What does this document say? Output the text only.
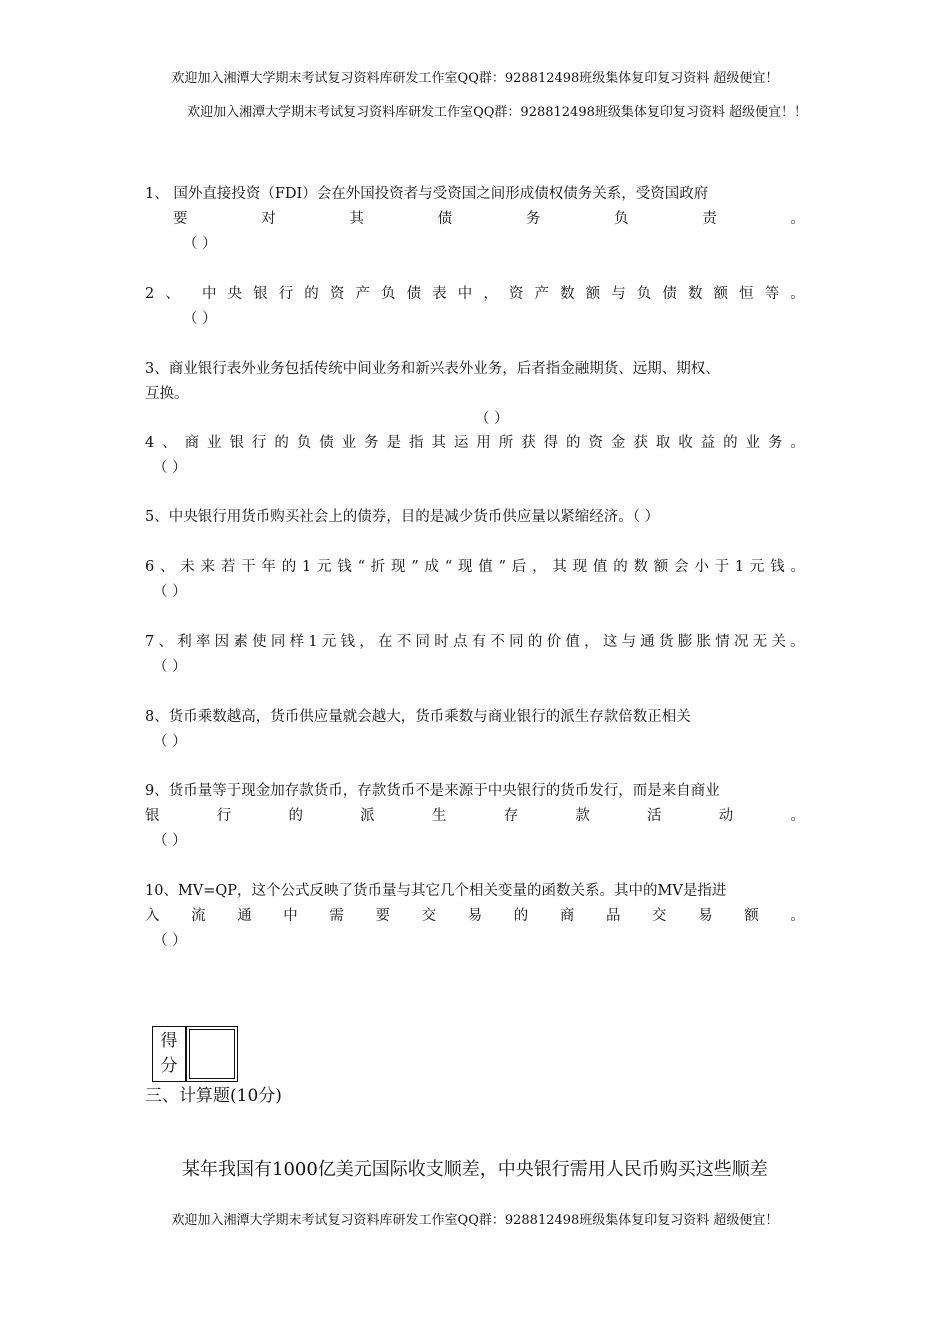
欢迎加入湘潭大学期末考试复习资料库研发工作室QQ群：928812498班级集体复印复习资料 超级便宜！
欢迎加入湘潭大学期末考试复习资料库研发工作室QQ群：928812498班级集体复印复习资料 超级便宜！！
1、 国外直接投资（FDI）会在外国投资者与受资国之间形成债权债务关系，受资国政府
要	对	其	债	务	负	责	。
（ ）
2 、 中 央 银 行 的 资 产 负 债 表 中 ， 资 产 数 额 与 负 债 数 额 恒 等 。
（ ）
3、商业银行表外业务包括传统中间业务和新兴表外业务，后者指金融期货、远期、期权、
互换。
（ ）
4 、 商 业 银 行 的 负 债 业 务 是 指 其 运 用 所 获 得 的 资 金 获 取 收 益 的 业 务 。
（ ）
5、中央银行用货币购买社会上的债券，目的是减少货币供应量以紧缩经济。（ ）
6 、 未 来 若 干 年 的 1 元 钱 “ 折 现 ” 成 “ 现 值 ” 后 ， 其 现 值 的 数 额 会 小 于 1 元 钱 。
（ ）
7 、 利 率 因 素 使 同 样 1 元 钱 ， 在 不 同 时 点 有 不 同 的 价 值 ， 这 与 通 货 膨 胀 情 况 无 关 。
（ ）
8、货币乘数越高，货币供应量就会越大，货币乘数与商业银行的派生存款倍数正相关
（ ）
9、货币量等于现金加存款货币，存款货币不是来源于中央银行的货币发行，而是来自商业
银	行	的	派	生	存	款	活	动	。
（ ）
10、MV=QP，这个公式反映了货币量与其它几个相关变量的函数关系。其中的MV是指进
入 流 通 中 需 要 交 易 的 商 品 交 易 额 。
（ ）
得
分
三、计算题(10分)
某年我国有1000亿美元国际收支顺差，中央银行需用人民币购买这些顺差
欢迎加入湘潭大学期末考试复习资料库研发工作室QQ群：928812498班级集体复印复习资料 超级便宜！
